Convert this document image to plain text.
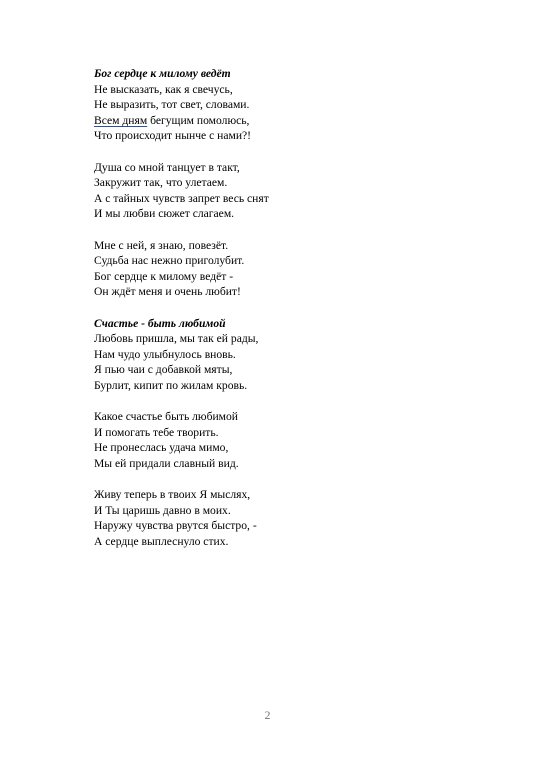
Бог сердце к милому ведёт
Не высказать, как я свечусь,
Не выразить, тот свет, словами.
Всем дням бегущим помолюсь,
Что происходит нынче с нами?!
Душа со мной танцует в такт,
Закружит так, что улетаем.
А с тайных чувств запрет весь снят
И мы любви сюжет слагаем.
Мне с ней, я знаю, повезёт.
Судьба нас нежно приголубит.
Бог сердце к милому ведёт -
Он ждёт меня и очень любит!
Счастье - быть любимой
Любовь пришла, мы так ей рады,
Нам чудо улыбнулось вновь.
Я пью чаи с добавкой мяты,
Бурлит, кипит по жилам кровь.
Какое счастье быть любимой
И помогать тебе творить.
Не пронеслась удача мимо,
Мы ей придали славный вид.
Живу теперь в твоих Я мыслях,
И Ты царишь давно в моих.
Наружу чувства рвутся быстро, -
А сердце выплеснуло стих.
2
